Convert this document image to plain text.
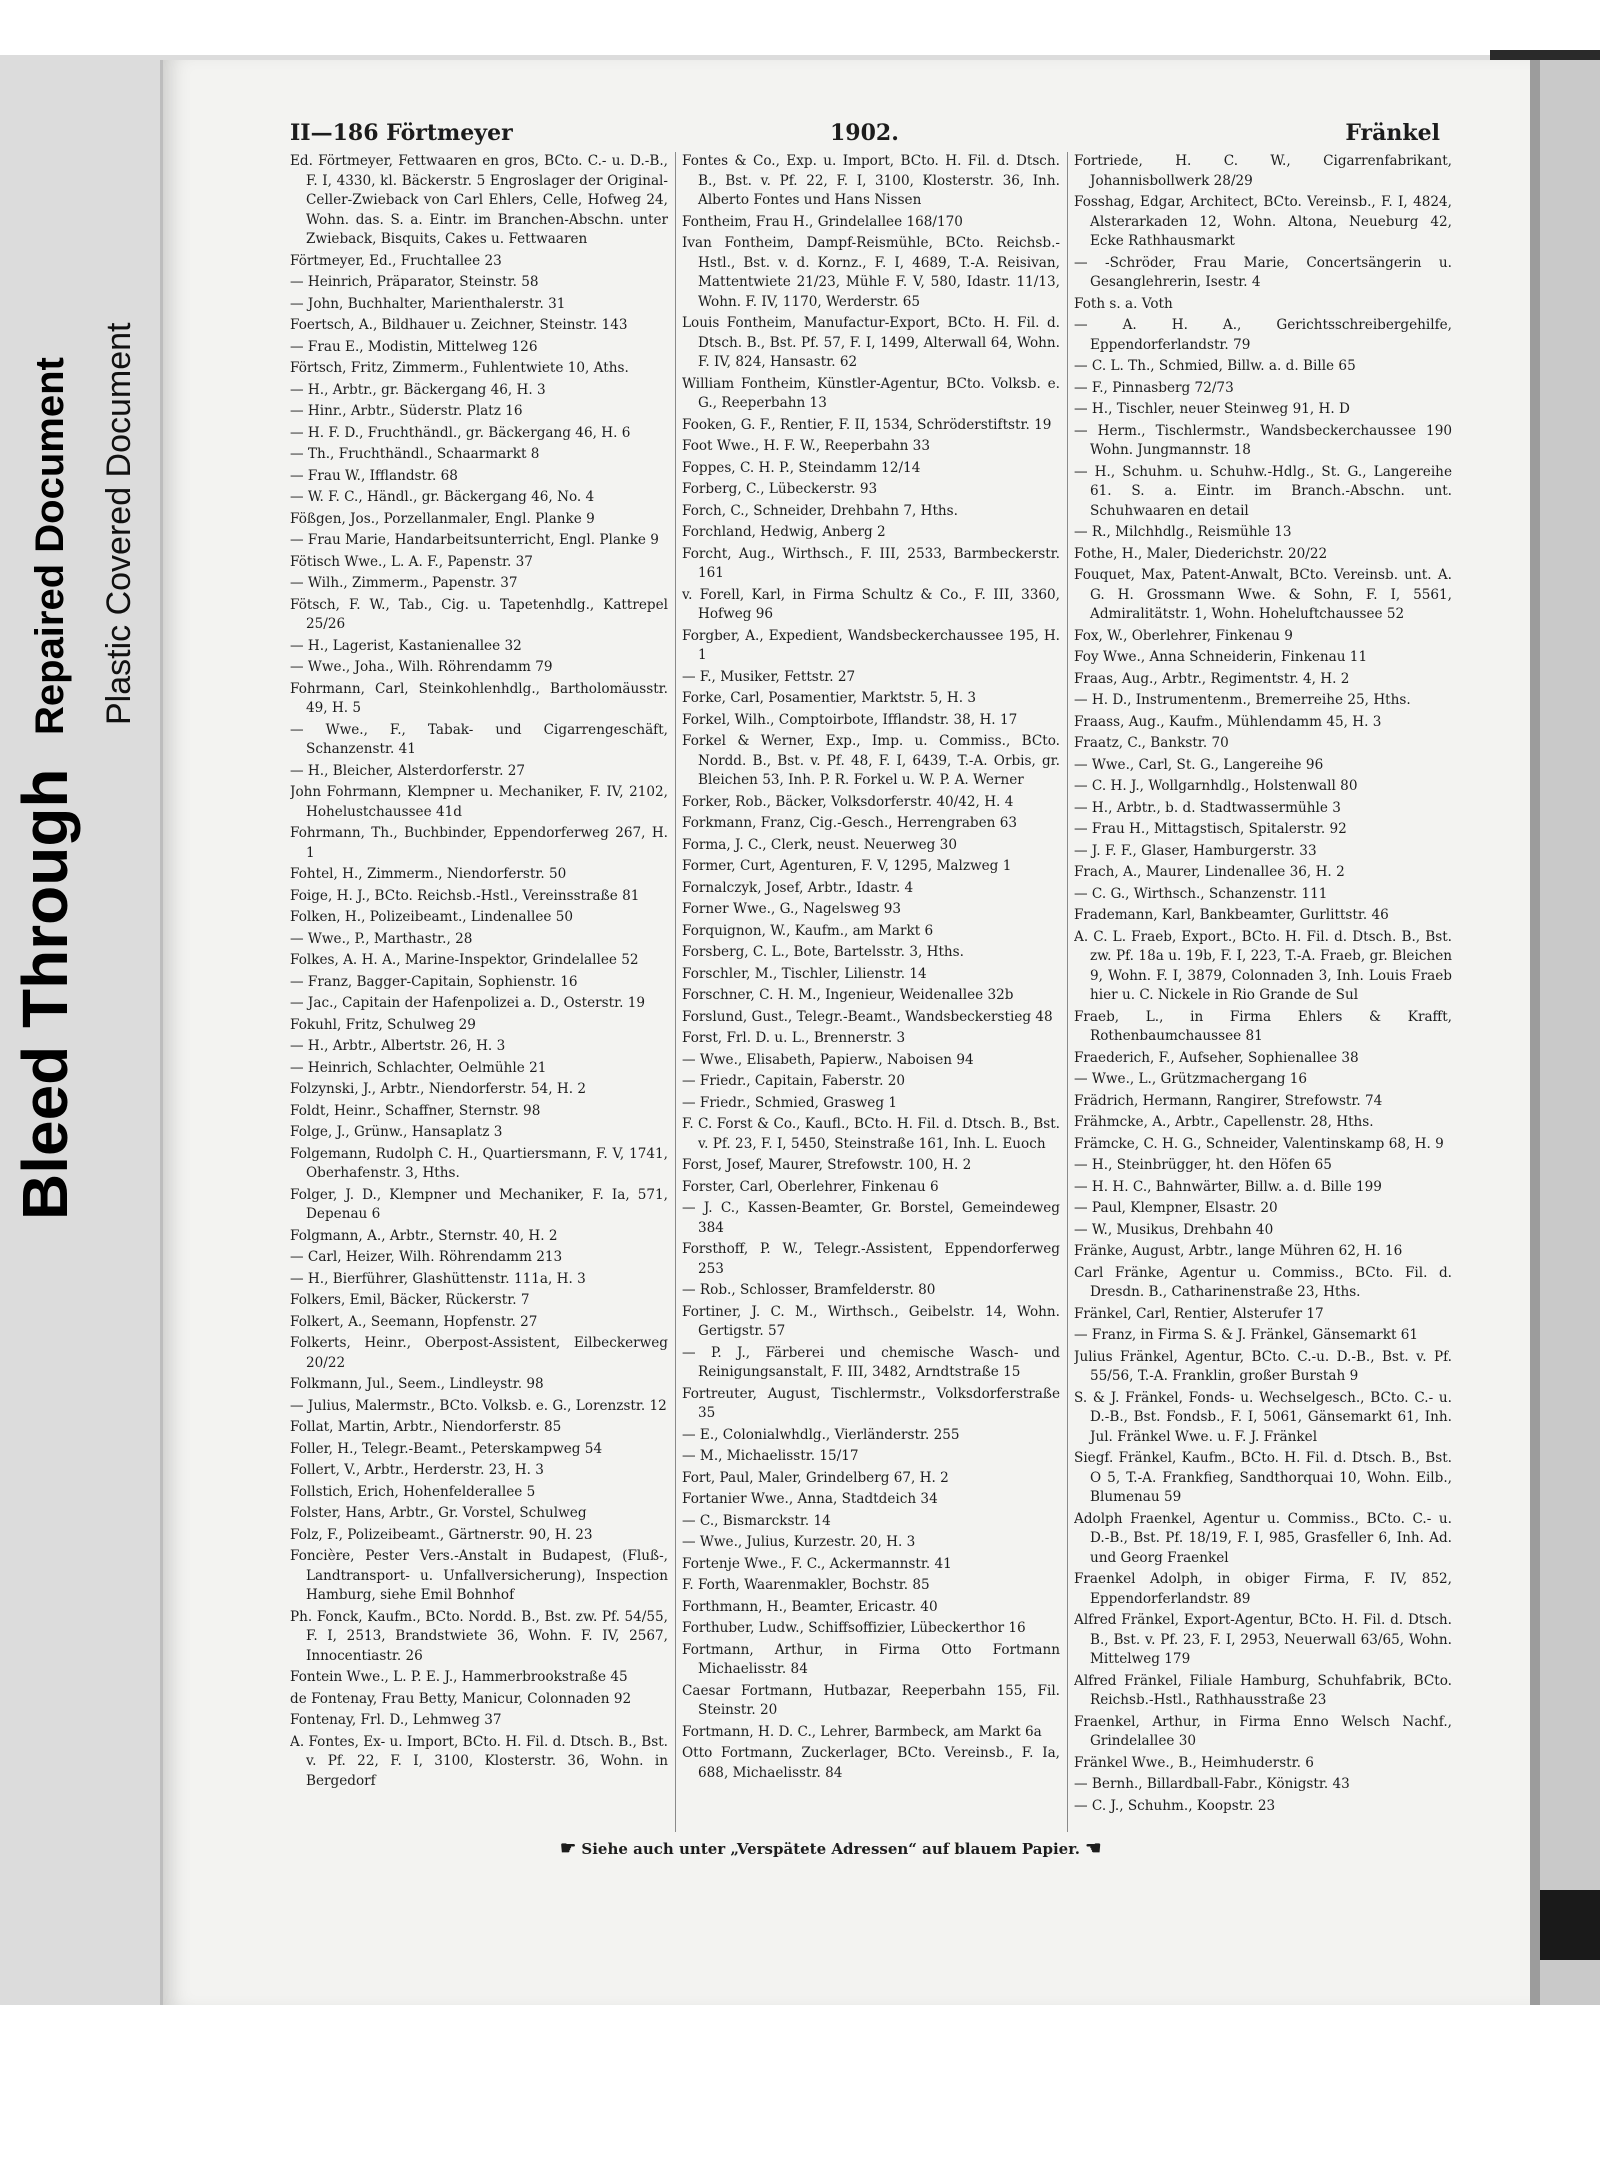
Bleed Through
Repaired Document Plastic Covered Document
II—186 Förtmeyer	1902.	Fränkel
Ed. Förtmeyer, Fettwaaren en gros, BCto. C.- u. D.-B., F. I, 4330, kl. Bäckerstr. 5 Engroslager der Original-Celler-Zwieback von Carl Ehlers, Celle, Hofweg 24, Wohn. das. S. a. Eintr. im Branchen-Abschn. unter Zwieback, Bisquits, Cakes u. Fettwaaren
Förtmeyer, Ed., Fruchtallee 23
— Heinrich, Präparator, Steinstr. 58
— John, Buchhalter, Marienthalerstr. 31
Foertsch, A., Bildhauer u. Zeichner, Steinstr. 143
— Frau E., Modistin, Mittelweg 126
Förtsch, Fritz, Zimmerm., Fuhlentwiete 10, Aths.
— H., Arbtr., gr. Bäckergang 46, H. 3
— Hinr., Arbtr., Süderstr. Platz 16
— H. F. D., Fruchthändl., gr. Bäckergang 46, H. 6
— Th., Fruchthändl., Schaarmarkt 8
— Frau W., Ifflandstr. 68
— W. F. C., Händl., gr. Bäckergang 46, No. 4
Fößgen, Jos., Porzellanmaler, Engl. Planke 9
— Frau Marie, Handarbeitsunterricht, Engl. Planke 9
Fötisch Wwe., L. A. F., Papenstr. 37
— Wilh., Zimmerm., Papenstr. 37
Fötsch, F. W., Tab., Cig. u. Tapetenhdlg., Kattrepel 25/26
— H., Lagerist, Kastanienallee 32
— Wwe., Joha., Wilh. Röhrendamm 79
Fohrmann, Carl, Steinkohlenhdlg., Bartholomäusstr. 49, H. 5
— Wwe., F., Tabak- und Cigarrengeschäft, Schanzenstr. 41
— H., Bleicher, Alsterdorferstr. 27
John Fohrmann, Klempner u. Mechaniker, F. IV, 2102, Hohelustchaussee 41d
Fohrmann, Th., Buchbinder, Eppendorferweg 267, H. 1
Fohtel, H., Zimmerm., Niendorferstr. 50
Foige, H. J., BCto. Reichsb.-Hstl., Vereinsstraße 81
Folken, H., Polizeibeamt., Lindenallee 50
— Wwe., P., Marthastr., 28
Folkes, A. H. A., Marine-Inspektor, Grindelallee 52
— Franz, Bagger-Capitain, Sophienstr. 16
— Jac., Capitain der Hafenpolizei a. D., Osterstr. 19
Fokuhl, Fritz, Schulweg 29
— H., Arbtr., Albertstr. 26, H. 3
— Heinrich, Schlachter, Oelmühle 21
Folzynski, J., Arbtr., Niendorferstr. 54, H. 2
Foldt, Heinr., Schaffner, Sternstr. 98
Folge, J., Grünw., Hansaplatz 3
Folgemann, Rudolph C. H., Quartiersmann, F. V, 1741, Oberhafenstr. 3, Hths.
Folger, J. D., Klempner und Mechaniker, F. Ia, 571, Depenau 6
Folgmann, A., Arbtr., Sternstr. 40, H. 2
— Carl, Heizer, Wilh. Röhrendamm 213
— H., Bierführer, Glashüttenstr. 111a, H. 3
Folkers, Emil, Bäcker, Rückerstr. 7
Folkert, A., Seemann, Hopfenstr. 27
Folkerts, Heinr., Oberpost-Assistent, Eilbeckerweg 20/22
Folkmann, Jul., Seem., Lindleystr. 98
— Julius, Malermstr., BCto. Volksb. e. G., Lorenzstr. 12
Follat, Martin, Arbtr., Niendorferstr. 85
Foller, H., Telegr.-Beamt., Peterskampweg 54
Follert, V., Arbtr., Herderstr. 23, H. 3
Follstich, Erich, Hohenfelderallee 5
Folster, Hans, Arbtr., Gr. Vorstel, Schulweg
Folz, F., Polizeibeamt., Gärtnerstr. 90, H. 23
Foncière, Pester Vers.-Anstalt in Budapest, (Fluß-, Landtransport- u. Unfallversicherung), Inspection Hamburg, siehe Emil Bohnhof
Ph. Fonck, Kaufm., BCto. Nordd. B., Bst. zw. Pf. 54/55, F. I, 2513, Brandstwiete 36, Wohn. F. IV, 2567, Innocentiastr. 26
Fontein Wwe., L. P. E. J., Hammerbrookstraße 45
de Fontenay, Frau Betty, Manicur, Colonnaden 92
Fontenay, Frl. D., Lehmweg 37
A. Fontes, Ex- u. Import, BCto. H. Fil. d. Dtsch. B., Bst. v. Pf. 22, F. I, 3100, Klosterstr. 36, Wohn. in Bergedorf
Fontes & Co., Exp. u. Import, BCto. H. Fil. d. Dtsch. B., Bst. v. Pf. 22, F. I, 3100, Klosterstr. 36, Inh. Alberto Fontes und Hans Nissen
Fontheim, Frau H., Grindelallee 168/170
Ivan Fontheim, Dampf-Reismühle, BCto. Reichsb.-Hstl., Bst. v. d. Kornz., F. I, 4689, T.-A. Reisivan, Mattentwiete 21/23, Mühle F. V, 580, Idastr. 11/13, Wohn. F. IV, 1170, Werderstr. 65
Louis Fontheim, Manufactur-Export, BCto. H. Fil. d. Dtsch. B., Bst. Pf. 57, F. I, 1499, Alterwall 64, Wohn. F. IV, 824, Hansastr. 62
William Fontheim, Künstler-Agentur, BCto. Volksb. e. G., Reeperbahn 13
Fooken, G. F., Rentier, F. II, 1534, Schröderstiftstr. 19
Foot Wwe., H. F. W., Reeperbahn 33
Foppes, C. H. P., Steindamm 12/14
Forberg, C., Lübeckerstr. 93
Forch, C., Schneider, Drehbahn 7, Hths.
Forchland, Hedwig, Anberg 2
Forcht, Aug., Wirthsch., F. III, 2533, Barmbeckerstr. 161
v. Forell, Karl, in Firma Schultz & Co., F. III, 3360, Hofweg 96
Forgber, A., Expedient, Wandsbeckerchaussee 195, H. 1
— F., Musiker, Fettstr. 27
Forke, Carl, Posamentier, Marktstr. 5, H. 3
Forkel, Wilh., Comptoirbote, Ifflandstr. 38, H. 17
Forkel & Werner, Exp., Imp. u. Commiss., BCto. Nordd. B., Bst. v. Pf. 48, F. I, 6439, T.-A. Orbis, gr. Bleichen 53, Inh. P. R. Forkel u. W. P. A. Werner
Forker, Rob., Bäcker, Volksdorferstr. 40/42, H. 4
Forkmann, Franz, Cig.-Gesch., Herrengraben 63
Forma, J. C., Clerk, neust. Neuerweg 30
Former, Curt, Agenturen, F. V, 1295, Malzweg 1
Fornalczyk, Josef, Arbtr., Idastr. 4
Forner Wwe., G., Nagelsweg 93
Forquignon, W., Kaufm., am Markt 6
Forsberg, C. L., Bote, Bartelsstr. 3, Hths.
Forschler, M., Tischler, Lilienstr. 14
Forschner, C. H. M., Ingenieur, Weidenallee 32b
Forslund, Gust., Telegr.-Beamt., Wandsbeckerstieg 48
Forst, Frl. D. u. L., Brennerstr. 3
— Wwe., Elisabeth, Papierw., Naboisen 94
— Friedr., Capitain, Faberstr. 20
— Friedr., Schmied, Grasweg 1
F. C. Forst & Co., Kaufl., BCto. H. Fil. d. Dtsch. B., Bst. v. Pf. 23, F. I, 5450, Steinstraße 161, Inh. L. Euoch
Forst, Josef, Maurer, Strefowstr. 100, H. 2
Forster, Carl, Oberlehrer, Finkenau 6
— J. C., Kassen-Beamter, Gr. Borstel, Gemeindeweg 384
Forsthoff, P. W., Telegr.-Assistent, Eppendorferweg 253
— Rob., Schlosser, Bramfelderstr. 80
Fortiner, J. C. M., Wirthsch., Geibelstr. 14, Wohn. Gertigstr. 57
— P. J., Färberei und chemische Wasch- und Reinigungsanstalt, F. III, 3482, Arndtstraße 15
Fortreuter, August, Tischlermstr., Volksdorferstraße 35
— E., Colonialwhdlg., Vierländerstr. 255
— M., Michaelisstr. 15/17
Fort, Paul, Maler, Grindelberg 67, H. 2
Fortanier Wwe., Anna, Stadtdeich 34
— C., Bismarckstr. 14
— Wwe., Julius, Kurzestr. 20, H. 3
Fortenje Wwe., F. C., Ackermannstr. 41
F. Forth, Waarenmakler, Bochstr. 85
Forthmann, H., Beamter, Ericastr. 40
Forthuber, Ludw., Schiffsoffizier, Lübeckerthor 16
Fortmann, Arthur, in Firma Otto Fortmann Michaelisstr. 84
Caesar Fortmann, Hutbazar, Reeperbahn 155, Fil. Steinstr. 20
Fortmann, H. D. C., Lehrer, Barmbeck, am Markt 6a
Otto Fortmann, Zuckerlager, BCto. Vereinsb., F. Ia, 688, Michaelisstr. 84
Fortriede, H. C. W., Cigarrenfabrikant, Johannisbollwerk 28/29
Fosshag, Edgar, Architect, BCto. Vereinsb., F. I, 4824, Alsterarkaden 12, Wohn. Altona, Neueburg 42, Ecke Rathhausmarkt
— -Schröder, Frau Marie, Concertsängerin u. Gesanglehrerin, Isestr. 4
Foth s. a. Voth
— A. H. A., Gerichtsschreibergehilfe, Eppendorferlandstr. 79
— C. L. Th., Schmied, Billw. a. d. Bille 65
— F., Pinnasberg 72/73
— H., Tischler, neuer Steinweg 91, H. D
— Herm., Tischlermstr., Wandsbeckerchaussee 190 Wohn. Jungmannstr. 18
— H., Schuhm. u. Schuhw.-Hdlg., St. G., Langereihe 61. S. a. Eintr. im Branch.-Abschn. unt. Schuhwaaren en detail
— R., Milchhdlg., Reismühle 13
Fothe, H., Maler, Diederichstr. 20/22
Fouquet, Max, Patent-Anwalt, BCto. Vereinsb. unt. A. G. H. Grossmann Wwe. & Sohn, F. I, 5561, Admiralitätstr. 1, Wohn. Hoheluftchaussee 52
Fox, W., Oberlehrer, Finkenau 9
Foy Wwe., Anna Schneiderin, Finkenau 11
Fraas, Aug., Arbtr., Regimentstr. 4, H. 2
— H. D., Instrumentenm., Bremerreihe 25, Hths.
Fraass, Aug., Kaufm., Mühlendamm 45, H. 3
Fraatz, C., Bankstr. 70
— Wwe., Carl, St. G., Langereihe 96
— C. H. J., Wollgarnhdlg., Holstenwall 80
— H., Arbtr., b. d. Stadtwassermühle 3
— Frau H., Mittagstisch, Spitalerstr. 92
— J. F. F., Glaser, Hamburgerstr. 33
Frach, A., Maurer, Lindenallee 36, H. 2
— C. G., Wirthsch., Schanzenstr. 111
Frademann, Karl, Bankbeamter, Gurlittstr. 46
A. C. L. Fraeb, Export., BCto. H. Fil. d. Dtsch. B., Bst. zw. Pf. 18a u. 19b, F. I, 223, T.-A. Fraeb, gr. Bleichen 9, Wohn. F. I, 3879, Colonnaden 3, Inh. Louis Fraeb hier u. C. Nickele in Rio Grande de Sul
Fraeb, L., in Firma Ehlers & Krafft, Rothenbaumchaussee 81
Fraederich, F., Aufseher, Sophienallee 38
— Wwe., L., Grützmachergang 16
Frädrich, Hermann, Rangirer, Strefowstr. 74
Frähmcke, A., Arbtr., Capellenstr. 28, Hths.
Främcke, C. H. G., Schneider, Valentinskamp 68, H. 9
— H., Steinbrügger, ht. den Höfen 65
— H. H. C., Bahnwärter, Billw. a. d. Bille 199
— Paul, Klempner, Elsastr. 20
— W., Musikus, Drehbahn 40
Fränke, August, Arbtr., lange Mühren 62, H. 16
Carl Fränke, Agentur u. Commiss., BCto. Fil. d. Dresdn. B., Catharinenstraße 23, Hths.
Fränkel, Carl, Rentier, Alsterufer 17
— Franz, in Firma S. & J. Fränkel, Gänsemarkt 61
Julius Fränkel, Agentur, BCto. C.-u. D.-B., Bst. v. Pf. 55/56, T.-A. Franklin, großer Burstah 9
S. & J. Fränkel, Fonds- u. Wechselgesch., BCto. C.- u. D.-B., Bst. Fondsb., F. I, 5061, Gänsemarkt 61, Inh. Jul. Fränkel Wwe. u. F. J. Fränkel
Siegf. Fränkel, Kaufm., BCto. H. Fil. d. Dtsch. B., Bst. O 5, T.-A. Frankfieg, Sandthorquai 10, Wohn. Eilb., Blumenau 59
Adolph Fraenkel, Agentur u. Commiss., BCto. C.- u. D.-B., Bst. Pf. 18/19, F. I, 985, Grasfeller 6, Inh. Ad. und Georg Fraenkel
Fraenkel Adolph, in obiger Firma, F. IV, 852, Eppendorferlandstr. 89
Alfred Fränkel, Export-Agentur, BCto. H. Fil. d. Dtsch. B., Bst. v. Pf. 23, F. I, 2953, Neuerwall 63/65, Wohn. Mittelweg 179
Alfred Fränkel, Filiale Hamburg, Schuhfabrik, BCto. Reichsb.-Hstl., Rathhausstraße 23
Fraenkel, Arthur, in Firma Enno Welsch Nachf., Grindelallee 30
Fränkel Wwe., B., Heimhuderstr. 6
— Bernh., Billardball-Fabr., Königstr. 43
— C. J., Schuhm., Koopstr. 23
☛ Siehe auch unter „Verspätete Adressen“ auf blauem Papier. ☚
